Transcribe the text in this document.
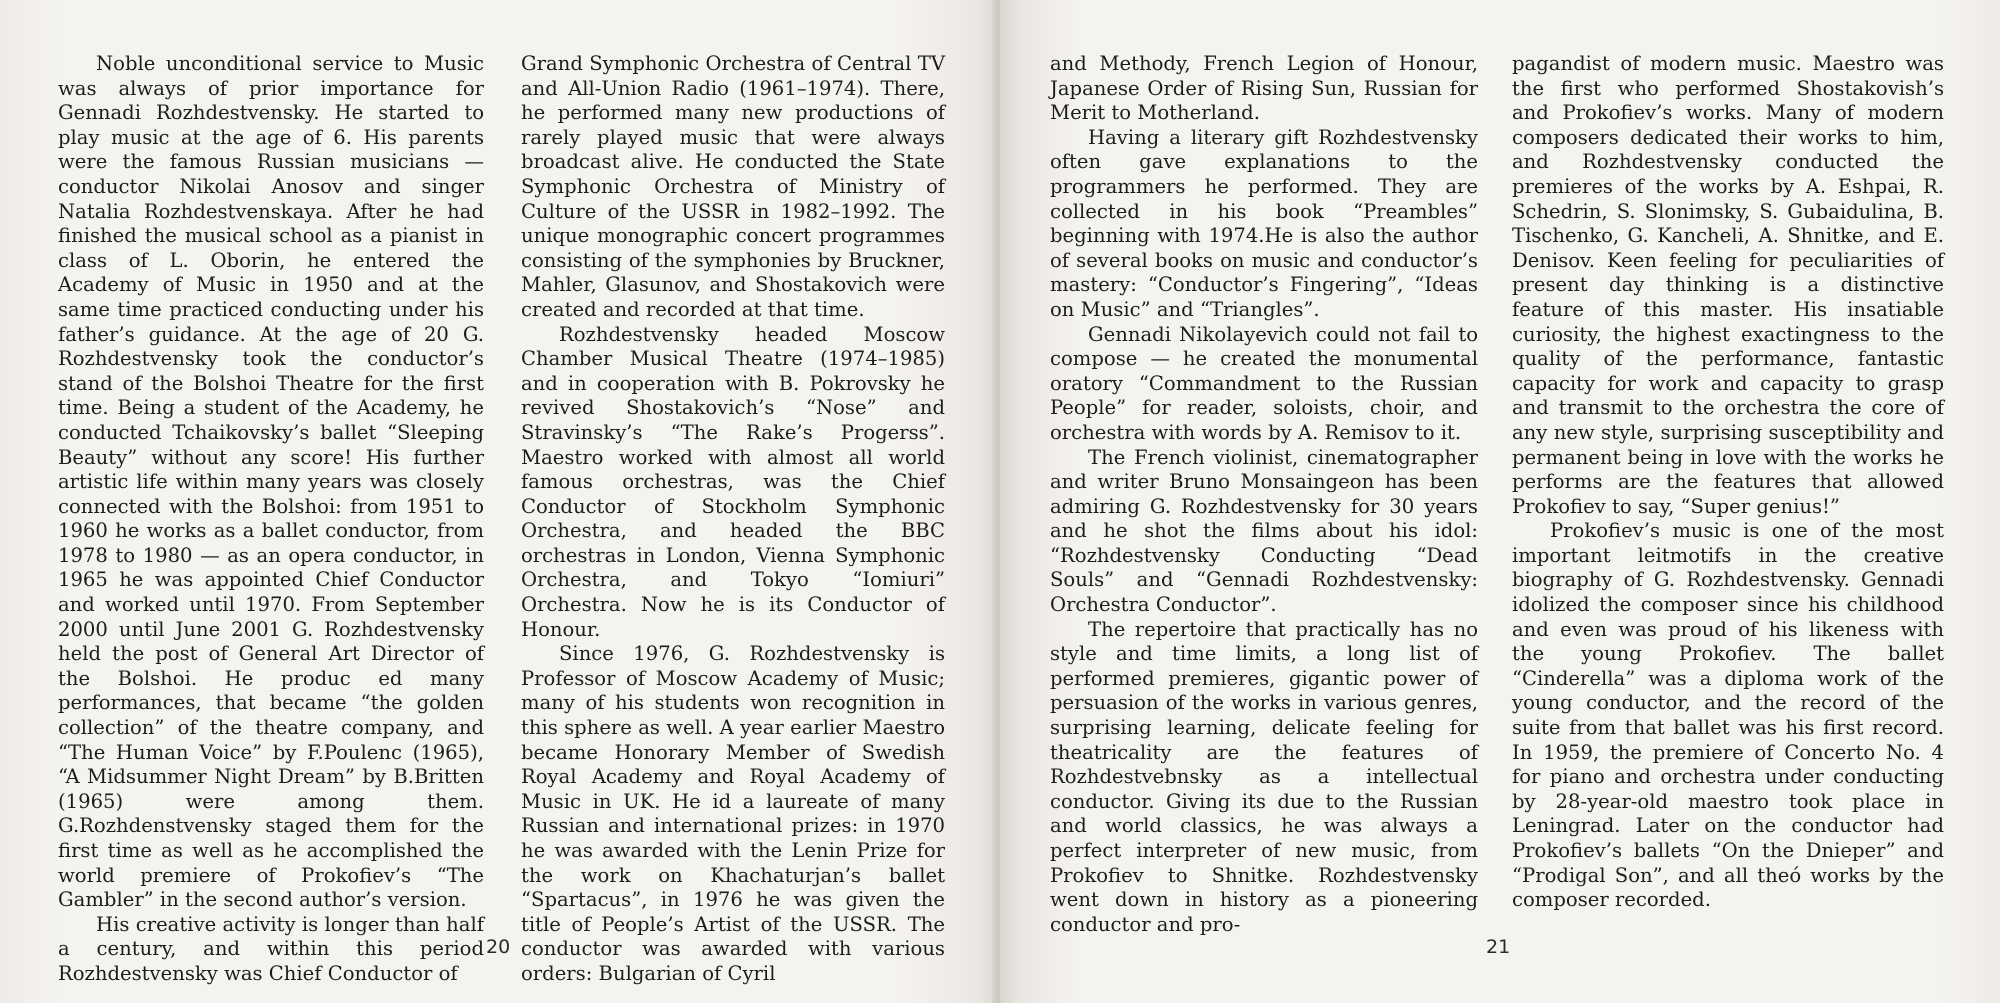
Noble unconditional service to Music was always of prior importance for Gennadi Rozhdestvensky. He started to play music at the age of 6. His parents were the famous Russian musicians — conductor Nikolai Anosov and singer Natalia Rozhdestvenskaya. After he had finished the musical school as a pianist in class of L. Oborin, he entered the Academy of Music in 1950 and at the same time practiced conducting under his father’s guidance. At the age of 20 G. Rozhdestvensky took the conductor’s stand of the Bolshoi Theatre for the first time. Being a student of the Academy, he conducted Tchaikovsky’s ballet “Sleeping Beauty” without any score! His further artistic life within many years was closely connected with the Bolshoi: from 1951 to 1960 he works as a ballet conductor, from 1978 to 1980 — as an opera conductor, in 1965 he was appointed Chief Conductor and worked until 1970. From September 2000 until June 2001 G. Rozhdestvensky held the post of General Art Director of the Bolshoi. He produc ed many performances, that became “the golden collection” of the theatre company, and “The Human Voice” by F.Poulenc (1965), “A Midsummer Night Dream” by B.Britten (1965) were among them. G.Rozhdenstvensky staged them for the first time as well as he accomplished the world premiere of Prokofiev’s “The Gambler” in the second author’s version.

His creative activity is longer than half a century, and within this period Rozhdestvensky was Chief Conductor of

Grand Symphonic Orchestra of Central TV and All-Union Radio (1961–1974). There, he performed many new productions of rarely played music that were always broadcast alive. He conducted the State Symphonic Orchestra of Ministry of Culture of the USSR in 1982–1992. The unique monographic concert programmes consisting of the symphonies by Bruckner, Mahler, Glasunov, and Shostakovich were created and recorded at that time.

Rozhdestvensky headed Moscow Chamber Musical Theatre (1974–1985) and in cooperation with B. Pokrovsky he revived Shostakovich’s “Nose” and Stravinsky’s “The Rake’s Progerss”. Maestro worked with almost all world famous orchestras, was the Chief Conductor of Stockholm Symphonic Orchestra, and headed the BBC orchestras in London, Vienna Symphonic Orchestra, and Tokyo “Iomiuri” Orchestra. Now he is its Conductor of Honour.

Since 1976, G. Rozhdestvensky is Professor of Moscow Academy of Music; many of his students won recognition in this sphere as well. A year earlier Maestro became Honorary Member of Swedish Royal Academy and Royal Academy of Music in UK. He id a laureate of many Russian and international prizes: in 1970 he was awarded with the Lenin Prize for the work on Khachaturjan’s ballet “Spartacus”, in 1976 he was given the title of People’s Artist of the USSR. The conductor was awarded with various orders: Bulgarian of Cyril

20	21

and Methody, French Legion of Honour, Japanese Order of Rising Sun, Russian for Merit to Motherland.

Having a literary gift Rozhdestvensky often gave explanations to the programmers he performed. They are collected in his book “Preambles” beginning with 1974.He is also the author of several books on music and conductor’s mastery: “Conductor’s Fingering”, “Ideas on Music” and “Triangles”.

Gennadi Nikolayevich could not fail to compose — he created the monumental oratory “Commandment to the Russian People” for reader, soloists, choir, and orchestra with words by A. Remisov to it.

The French violinist, cinematographer and writer Bruno Monsaingeon has been admiring G. Rozhdestvensky for 30 years and he shot the films about his idol: “Rozhdestvensky Conducting “Dead Souls” and “Gennadi Rozhdestvensky: Orchestra Conductor”.

The repertoire that practically has no style and time limits, a long list of performed premieres, gigantic power of persuasion of the works in various genres, surprising learning, delicate feeling for theatricality are the features of Rozhdestvebnsky as a intellectual conductor. Giving its due to the Russian and world classics, he was always a perfect interpreter of new music, from Prokofiev to Shnitke. Rozhdestvensky went down in history as a pioneering conductor and pro-

pagandist of modern music. Maestro was the first who performed Shostakovish’s and Prokofiev’s works. Many of modern composers dedicated their works to him, and Rozhdestvensky conducted the premieres of the works by A. Eshpai, R. Schedrin, S. Slonimsky, S. Gubaidulina, B. Tischenko, G. Kancheli, A. Shnitke, and E. Denisov. Keen feeling for peculiarities of present day thinking is a distinctive feature of this master. His insatiable curiosity, the highest exactingness to the quality of the performance, fantastic capacity for work and capacity to grasp and transmit to the orchestra the core of any new style, surprising susceptibility and permanent being in love with the works he performs are the features that allowed Prokofiev to say, “Super genius!”

Prokofiev’s music is one of the most important leitmotifs in the creative biography of G. Rozhdestvensky. Gennadi idolized the composer since his childhood and even was proud of his likeness with the young Prokofiev. The ballet “Cinderella” was a diploma work of the young conductor, and the record of the suite from that ballet was his first record. In 1959, the premiere of Concerto No. 4 for piano and orchestra under conducting by 28-year-old maestro took place in Leningrad. Later on the conductor had Prokofiev’s ballets “On the Dnieper” and “Prodigal Son”, and all theó works by the composer recorded.
